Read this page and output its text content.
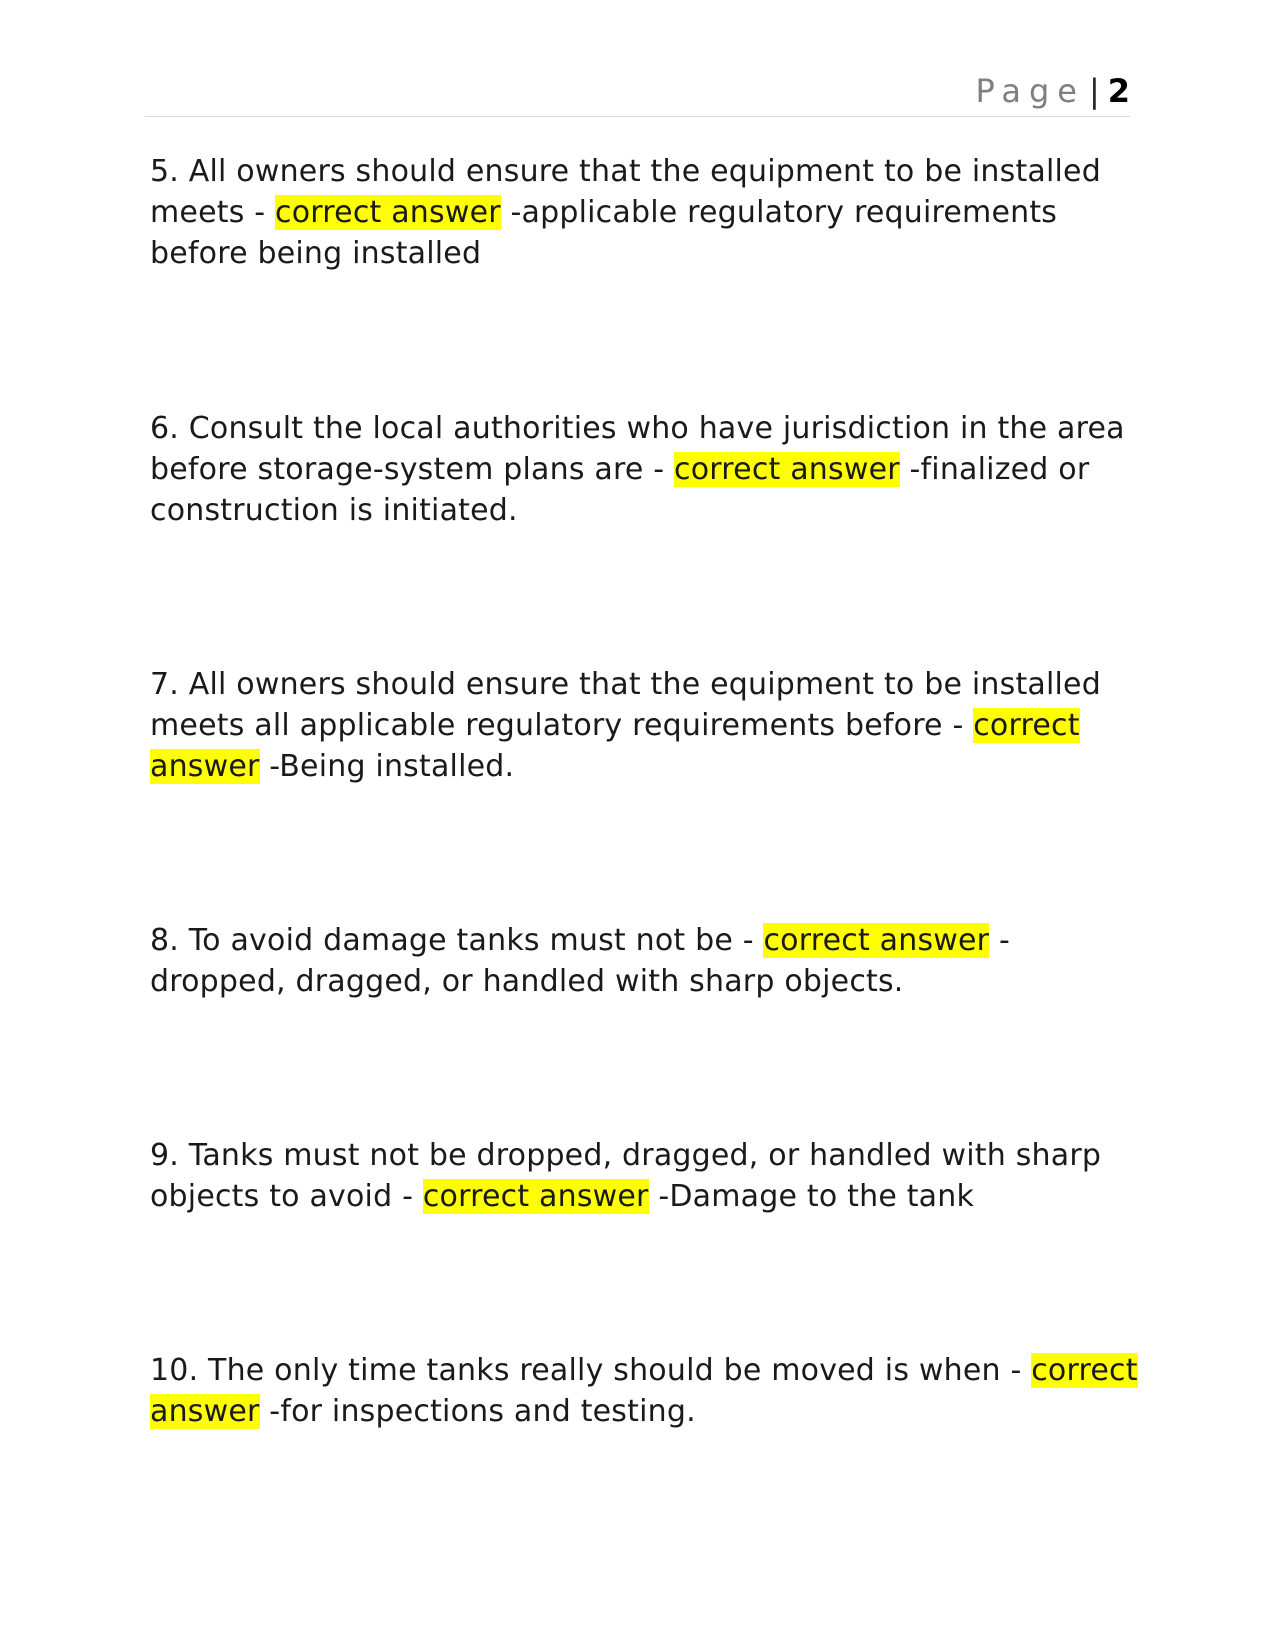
Page | 2
5. All owners should ensure that the equipment to be installed meets - correct answer -applicable regulatory requirements before being installed
6. Consult the local authorities who have jurisdiction in the area before storage-system plans are - correct answer -finalized or construction is initiated.
7. All owners should ensure that the equipment to be installed meets all applicable regulatory requirements before - correct answer -Being installed.
8. To avoid damage tanks must not be - correct answer -dropped, dragged, or handled with sharp objects.
9. Tanks must not be dropped, dragged, or handled with sharp objects to avoid - correct answer -Damage to the tank
10. The only time tanks really should be moved is when - correct answer -for inspections and testing.
